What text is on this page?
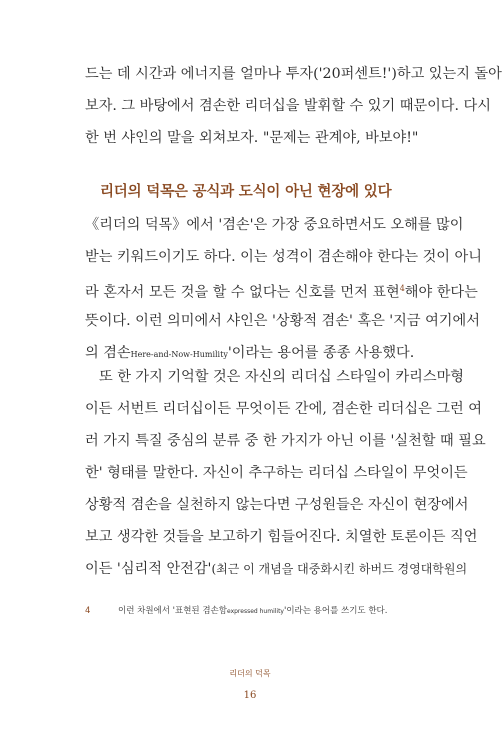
드는 데 시간과 에너지를 얼마나 투자('20퍼센트!')하고 있는지 돌아
보자. 그 바탕에서 겸손한 리더십을 발휘할 수 있기 때문이다. 다시
한 번 샤인의 말을 외쳐보자. "문제는 관계야, 바보야!"
리더의 덕목은 공식과 도식이 아닌 현장에 있다
《리더의 덕목》에서 '겸손'은 가장 중요하면서도 오해를 많이
받는 키워드이기도 하다. 이는 성격이 겸손해야 한다는 것이 아니
라 혼자서 모든 것을 할 수 없다는 신호를 먼저 표현$^4$해야 한다는
뜻이다. 이런 의미에서 샤인은 '상황적 겸손' 혹은 '지금 여기에서
의 겸손Here-and-Now-Humility'이라는 용어를 종종 사용했다.
또 한 가지 기억할 것은 자신의 리더십 스타일이 카리스마형
이든 서번트 리더십이든 무엇이든 간에, 겸손한 리더십은 그런 여
러 가지 특질 중심의 분류 중 한 가지가 아닌 이를 '실천할 때 필요
한' 형태를 말한다. 자신이 추구하는 리더십 스타일이 무엇이든
상황적 겸손을 실천하지 않는다면 구성원들은 자신이 현장에서
보고 생각한 것들을 보고하기 힘들어진다. 치열한 토론이든 직언
이든 '심리적 안전감'(최근 이 개념을 대중화시킨 하버드 경영대학원의
4	이런 차원에서 '표현된 겸손함expressed humility'이라는 용어를 쓰기도 한다.
리더의 덕목
16
